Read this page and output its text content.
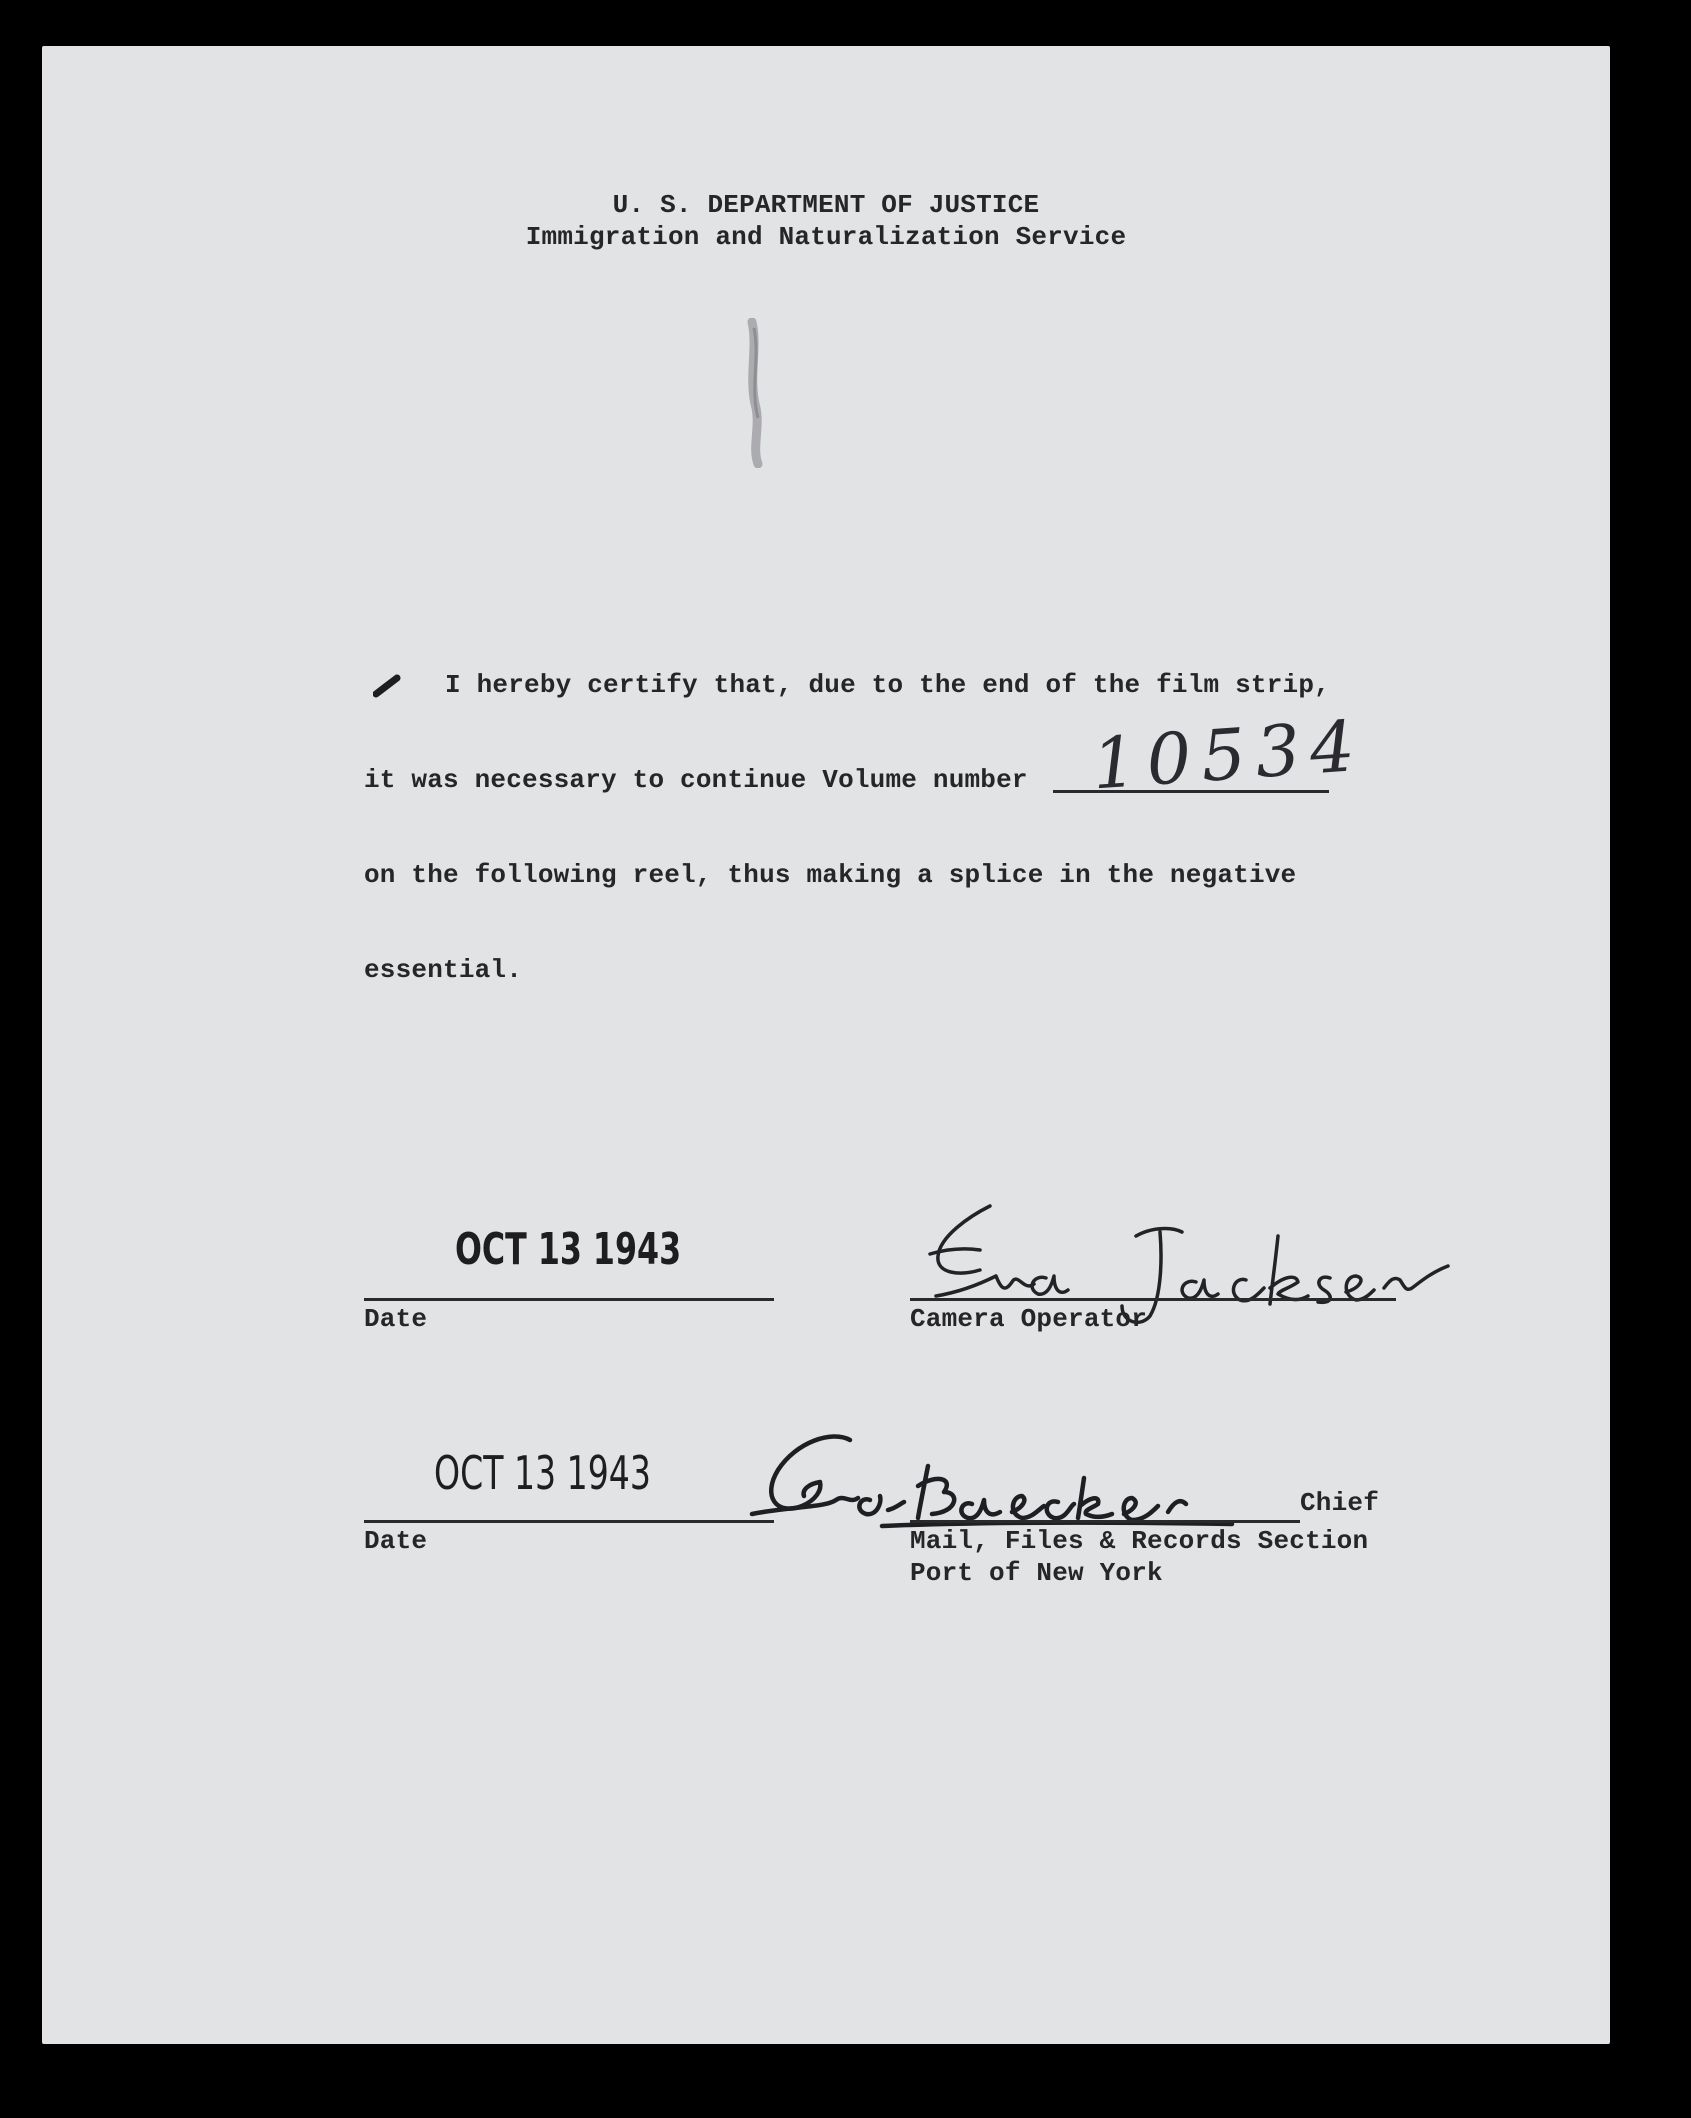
U. S. DEPARTMENT OF JUSTICE
Immigration and Naturalization Service
I hereby certify that, due to the end of the film strip,
it was necessary to continue Volume number 10534
on the following reel, thus making a splice in the negative
essential.
OCT 13 1943
Date	Camera Operator
OCT 13 1943
Date
Chief
Mail, Files & Records Section
Port of New York
